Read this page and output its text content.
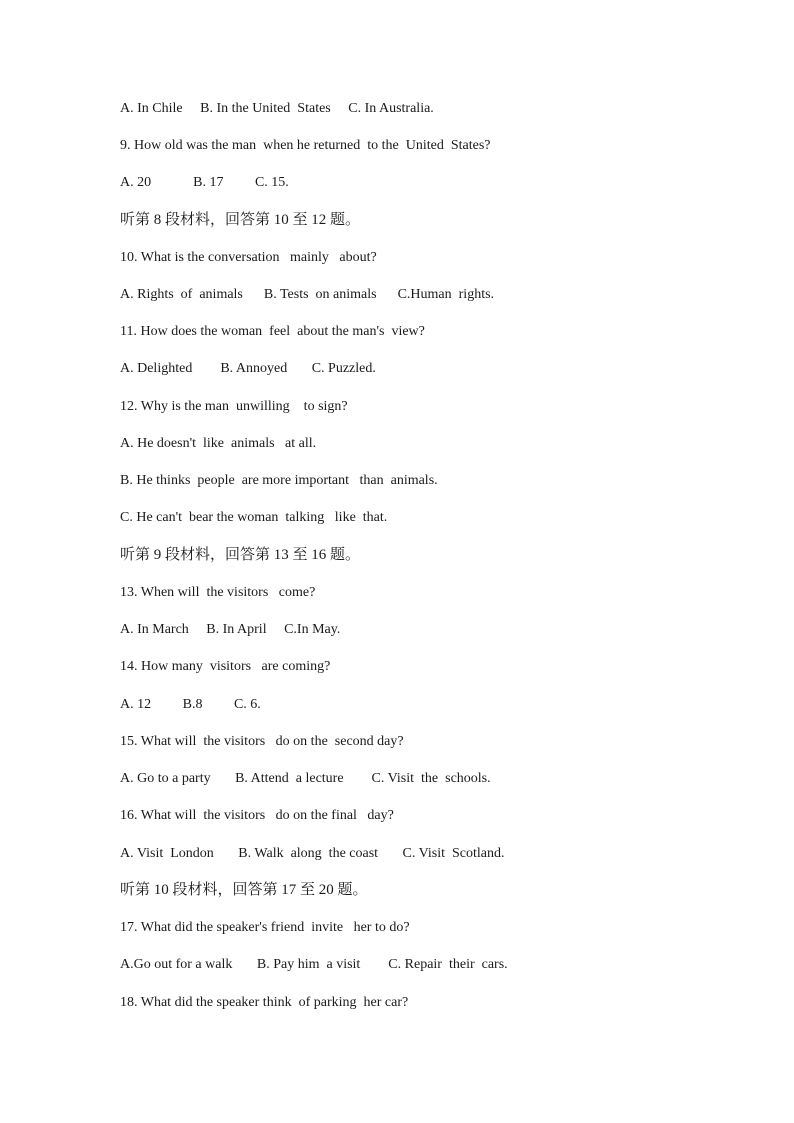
A. In Chile     B. In the United  States     C. In Australia.

9. How old was the man  when he returned  to the  United  States?

A. 20            B. 17         C. 15.

听第 8 段材料，回答第 10 至 12 题。

10. What is the conversation   mainly   about?

A. Rights  of  animals      B. Tests  on animals      C.Human  rights.

11. How does the woman  feel  about the man's  view?

A. Delighted        B. Annoyed       C. Puzzled.

12. Why is the man  unwilling    to sign?

A. He doesn't  like  animals   at all.

B. He thinks  people  are more important   than  animals.

C. He can't  bear the woman  talking   like  that.

听第 9 段材料，回答第 13 至 16 题。

13. When will  the visitors   come?

A. In March     B. In April     C.In May.

14. How many  visitors   are coming?

A. 12         B.8         C. 6.

15. What will  the visitors   do on the  second day?

A. Go to a party       B. Attend  a lecture        C. Visit  the  schools.

16. What will  the visitors   do on the final   day?

A. Visit  London       B. Walk  along  the coast       C. Visit  Scotland.

听第 10 段材料，回答第 17 至 20 题。

17. What did the speaker's friend  invite   her to do?

A.Go out for a walk       B. Pay him  a visit        C. Repair  their  cars.

18. What did the speaker think  of parking  her car?
